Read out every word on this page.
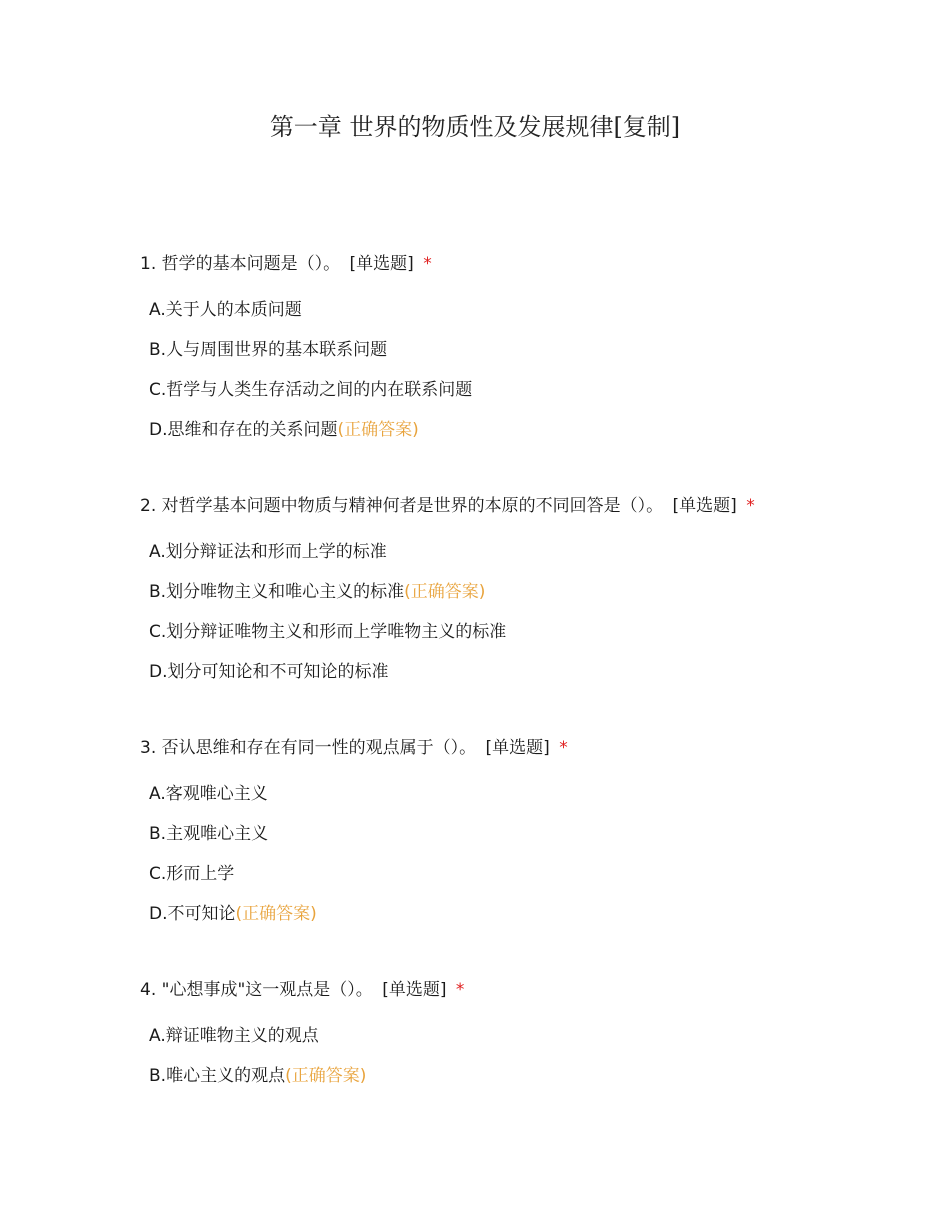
第一章 世界的物质性及发展规律[复制]
1. 哲学的基本问题是（）。 [单选题] *
A.关于人的本质问题
B.人与周围世界的基本联系问题
C.哲学与人类生存活动之间的内在联系问题
D.思维和存在的关系问题(正确答案)
2. 对哲学基本问题中物质与精神何者是世界的本原的不同回答是（）。 [单选题] *
A.划分辩证法和形而上学的标准
B.划分唯物主义和唯心主义的标准(正确答案)
C.划分辩证唯物主义和形而上学唯物主义的标准
D.划分可知论和不可知论的标准
3. 否认思维和存在有同一性的观点属于（）。 [单选题] *
A.客观唯心主义
B.主观唯心主义
C.形而上学
D.不可知论(正确答案)
4. "心想事成"这一观点是（）。 [单选题] *
A.辩证唯物主义的观点
B.唯心主义的观点(正确答案)
